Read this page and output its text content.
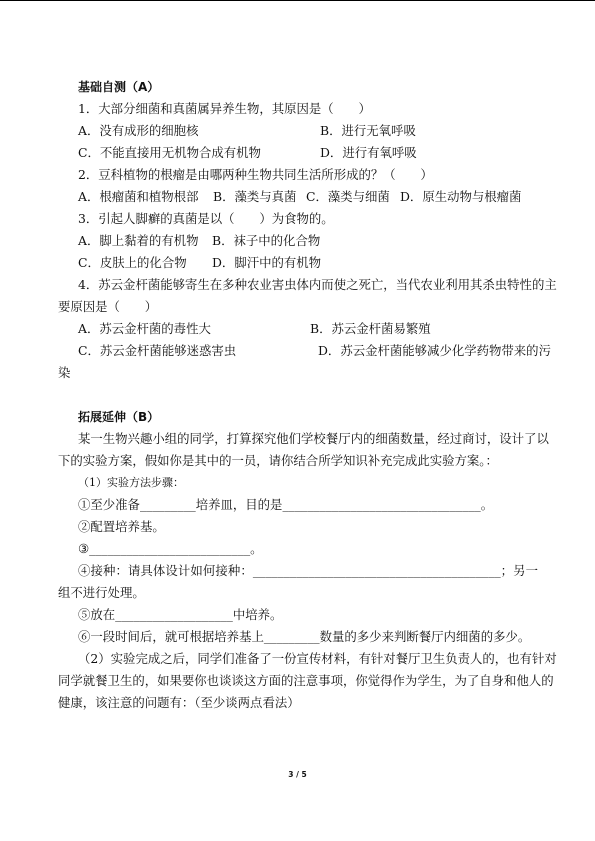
基础自测（A）
1．大部分细菌和真菌属异养生物，其原因是（　　）
A．没有成形的细胞核	B．进行无氧呼吸
C．不能直接用无机物合成有机物	D．进行有氧呼吸
2．豆科植物的根瘤是由哪两种生物共同生活所形成的？（　　）
A．根瘤菌和植物根部 B．藻类与真菌 C．藻类与细菌 D．原生动物与根瘤菌
3．引起人脚癣的真菌是以（　　）为食物的。
A．脚上黏着的有机物 B．袜子中的化合物
C．皮肤上的化合物 D．脚汗中的有机物
4．苏云金杆菌能够寄生在多种农业害虫体内而使之死亡，当代农业利用其杀虫特性的主
要原因是（　　）
A．苏云金杆菌的毒性大	B．苏云金杆菌易繁殖
C．苏云金杆菌能够迷惑害虫	D．苏云金杆菌能够减少化学药物带来的污
染
拓展延伸（B）
某一生物兴趣小组的同学，打算探究他们学校餐厅内的细菌数量，经过商讨，设计了以
下的实验方案，假如你是其中的一员，请你结合所学知识补充完成此实验方案。：
（1）实验方法步骤：
①至少准备_________培养皿，目的是________________________________。
②配置培养基。
③__________________________。
④接种：请具体设计如何接种：________________________________________；另一
组不进行处理。
⑤放在___________________中培养。
⑥一段时间后，就可根据培养基上_________数量的多少来判断餐厅内细菌的多少。
（2）实验完成之后，同学们准备了一份宣传材料，有针对餐厅卫生负责人的，也有针对
同学就餐卫生的，如果要你也谈谈这方面的注意事项，你觉得作为学生，为了自身和他人的
健康，该注意的问题有：（至少谈两点看法）
3 / 5
